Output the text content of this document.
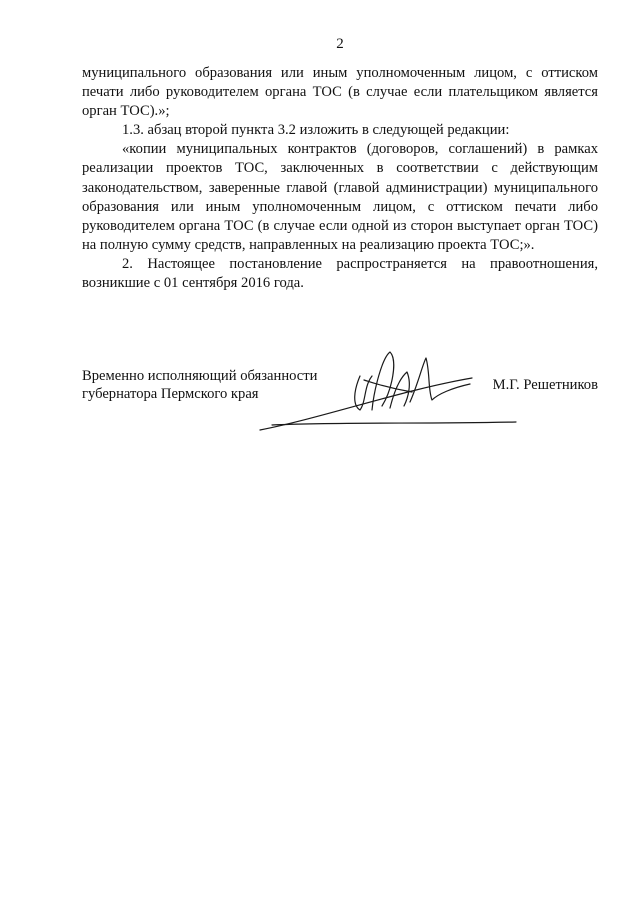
2

муниципального образования или иным уполномоченным лицом, с оттиском печати либо руководителем органа ТОС (в случае если плательщиком является орган ТОС).»;

1.3. абзац второй пункта 3.2 изложить в следующей редакции:

«копии муниципальных контрактов (договоров, соглашений) в рамках реализации проектов ТОС, заключенных в соответствии с действующим законодательством, заверенные главой (главой администрации) муниципального образования или иным уполномоченным лицом, с оттиском печати либо руководителем органа ТОС (в случае если одной из сторон выступает орган ТОС) на полную сумму средств, направленных на реализацию проекта ТОС;».

2. Настоящее постановление распространяется на правоотношения, возникшие с 01 сентября 2016 года.

Временно исполняющий обязанности
губернатора Пермского края
М.Г. Решетников
